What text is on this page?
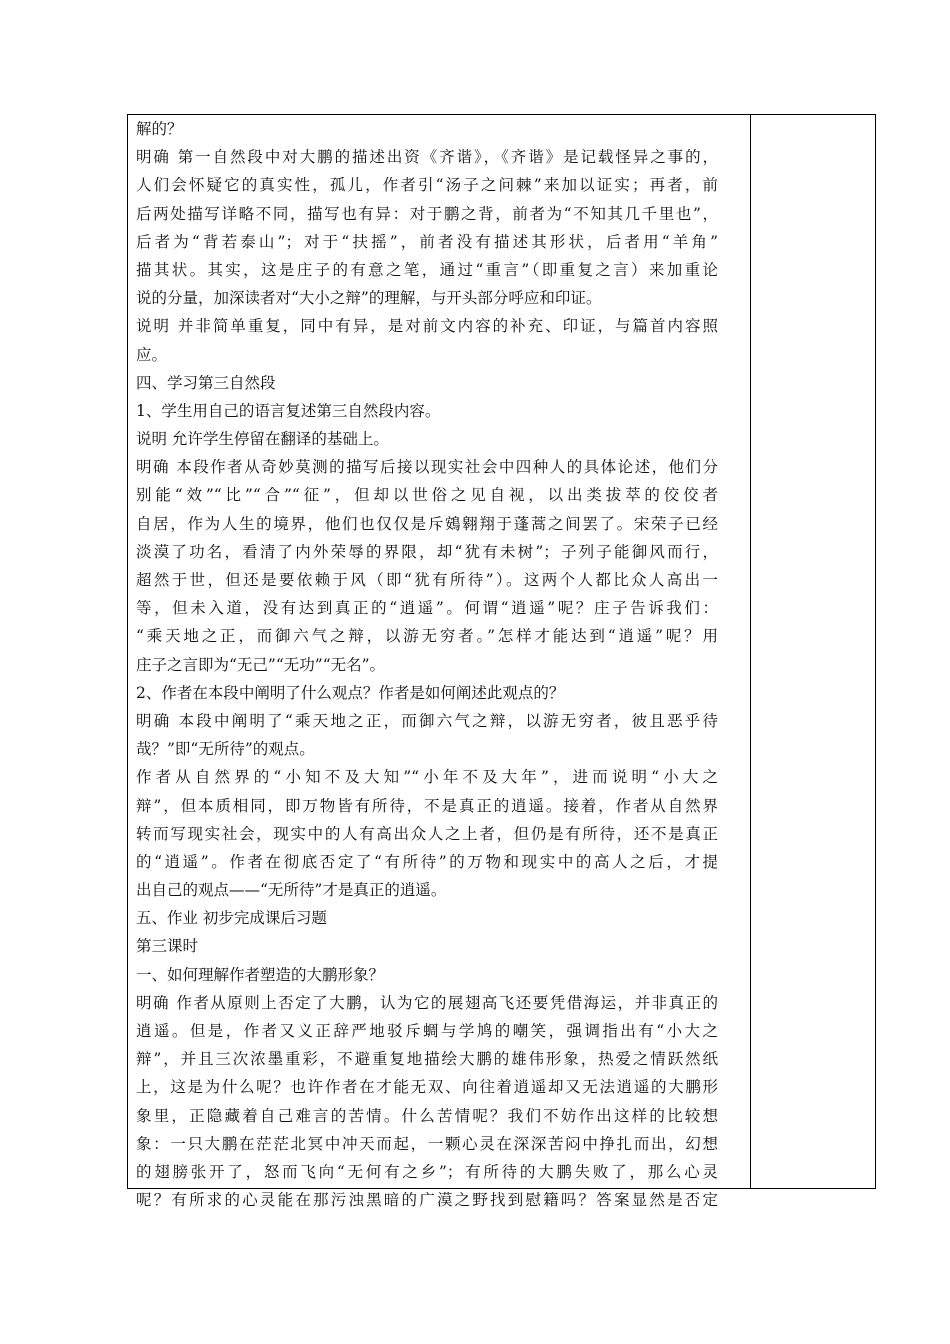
解的？
明确 第一自然段中对大鹏的描述出资《齐谐》，《齐谐》是记载怪异之事的，
人们会怀疑它的真实性，孤儿，作者引“汤子之问棘”来加以证实；再者，前
后两处描写详略不同，描写也有异：对于鹏之背，前者为“不知其几千里也”，
后者为“背若泰山”；对于“扶摇”，前者没有描述其形状，后者用“羊角”
描其状。其实，这是庄子的有意之笔，通过“重言”（即重复之言）来加重论
说的分量，加深读者对“大小之辩”的理解，与开头部分呼应和印证。
说明 并非简单重复，同中有异，是对前文内容的补充、印证，与篇首内容照
应。
四、学习第三自然段
1、学生用自己的语言复述第三自然段内容。
说明 允许学生停留在翻译的基础上。
明确 本段作者从奇妙莫测的描写后接以现实社会中四种人的具体论述，他们分
别能“效”“比”“合”“征”，但却以世俗之见自视，以出类拔萃的佼佼者
自居，作为人生的境界，他们也仅仅是斥鴳翱翔于蓬蒿之间罢了。宋荣子已经
淡漠了功名，看清了内外荣辱的界限，却“犹有未树”；子列子能御风而行，
超然于世，但还是要依赖于风（即“犹有所待”）。这两个人都比众人高出一
等，但未入道，没有达到真正的“逍遥”。何谓“逍遥”呢？庄子告诉我们：
“乘天地之正，而御六气之辩，以游无穷者。”怎样才能达到“逍遥”呢？用
庄子之言即为“无己”“无功”“无名”。
2、作者在本段中阐明了什么观点？作者是如何阐述此观点的？
明确 本段中阐明了“乘天地之正，而御六气之辩，以游无穷者，彼且恶乎待
哉？”即“无所待”的观点。
作者从自然界的“小知不及大知”“小年不及大年”，进而说明“小大之
辩”，但本质相同，即万物皆有所待，不是真正的逍遥。接着，作者从自然界
转而写现实社会，现实中的人有高出众人之上者，但仍是有所待，还不是真正
的“逍遥”。作者在彻底否定了“有所待”的万物和现实中的高人之后，才提
出自己的观点——“无所待”才是真正的逍遥。
五、作业 初步完成课后习题
第三课时
一、如何理解作者塑造的大鹏形象？
明确 作者从原则上否定了大鹏，认为它的展翅高飞还要凭借海运，并非真正的
逍遥。但是，作者又义正辞严地驳斥蜩与学鸠的嘲笑，强调指出有“小大之
辩”，并且三次浓墨重彩，不避重复地描绘大鹏的雄伟形象，热爱之情跃然纸
上，这是为什么呢？也许作者在才能无双、向往着逍遥却又无法逍遥的大鹏形
象里，正隐藏着自己难言的苦情。什么苦情呢？我们不妨作出这样的比较想
象：一只大鹏在茫茫北冥中冲天而起，一颗心灵在深深苦闷中挣扎而出，幻想
的翅膀张开了，怒而飞向“无何有之乡”；有所待的大鹏失败了，那么心灵
呢？有所求的心灵能在那污浊黑暗的广漠之野找到慰籍吗？答案显然是否定
